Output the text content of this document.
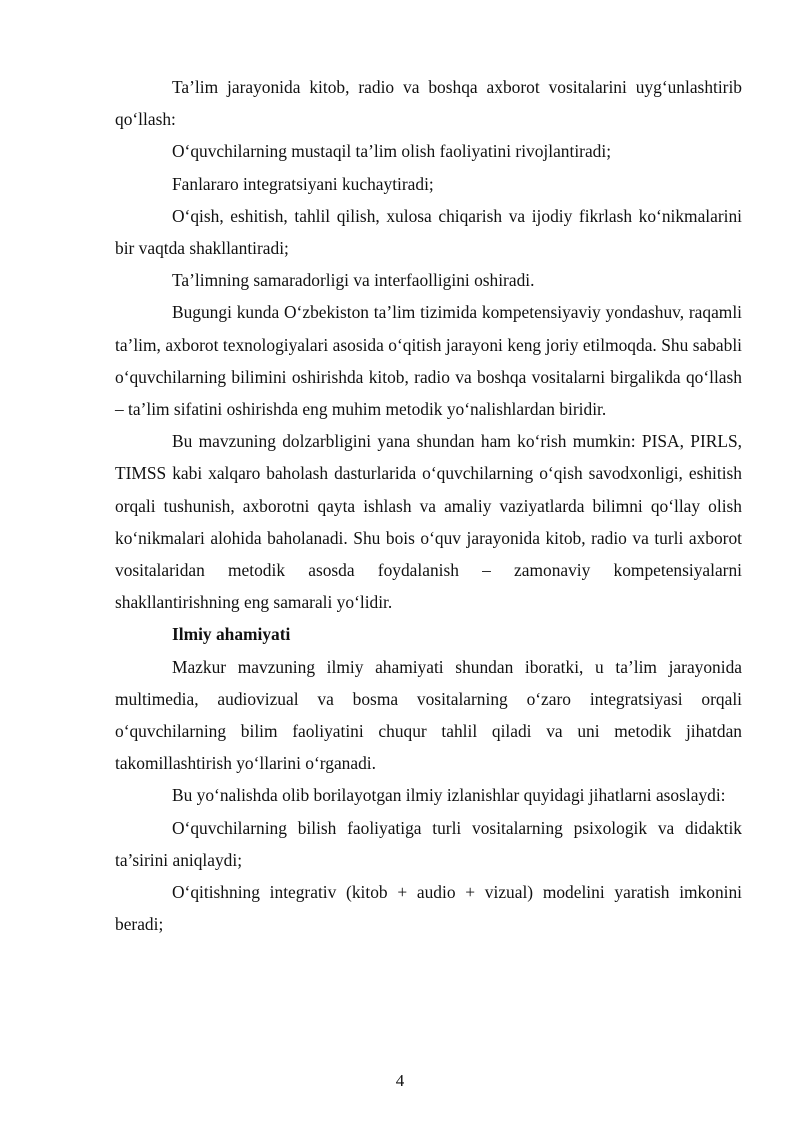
Ta’lim jarayonida kitob, radio va boshqa axborot vositalarini uyg‘unlashtirib qo‘llash:

O‘quvchilarning mustaqil ta’lim olish faoliyatini rivojlantiradi;

Fanlararo integratsiyani kuchaytiradi;

O‘qish, eshitish, tahlil qilish, xulosa chiqarish va ijodiy fikrlash ko‘nikmalarini bir vaqtda shakllantiradi;

Ta’limning samaradorligi va interfaolligini oshiradi.

Bugungi kunda O‘zbekiston ta’lim tizimida kompetensiyaviy yondashuv, raqamli ta’lim, axborot texnologiyalari asosida o‘qitish jarayoni keng joriy etilmoqda. Shu sababli o‘quvchilarning bilimini oshirishda kitob, radio va boshqa vositalarni birgalikda qo‘llash – ta’lim sifatini oshirishda eng muhim metodik yo‘nalishlardan biridir.

Bu mavzuning dolzarbligini yana shundan ham ko‘rish mumkin: PISA, PIRLS, TIMSS kabi xalqaro baholash dasturlarida o‘quvchilarning o‘qish savodxonligi, eshitish orqali tushunish, axborotni qayta ishlash va amaliy vaziyatlarda bilimni qo‘llay olish ko‘nikmalari alohida baholanadi. Shu bois o‘quv jarayonida kitob, radio va turli axborot vositalaridan metodik asosda foydalanish – zamonaviy kompetensiyalarni shakllantirishning eng samarali yo‘lidir.

Ilmiy ahamiyati

Mazkur mavzuning ilmiy ahamiyati shundan iboratki, u ta’lim jarayonida multimedia, audiovizual va bosma vositalarning o‘zaro integratsiyasi orqali o‘quvchilarning bilim faoliyatini chuqur tahlil qiladi va uni metodik jihatdan takomillashtirish yo‘llarini o‘rganadi.

Bu yo‘nalishda olib borilayotgan ilmiy izlanishlar quyidagi jihatlarni asoslaydi:

O‘quvchilarning bilish faoliyatiga turli vositalarning psixologik va didaktik ta’sirini aniqlaydi;

O‘qitishning integrativ (kitob + audio + vizual) modelini yaratish imkonini beradi;

4
